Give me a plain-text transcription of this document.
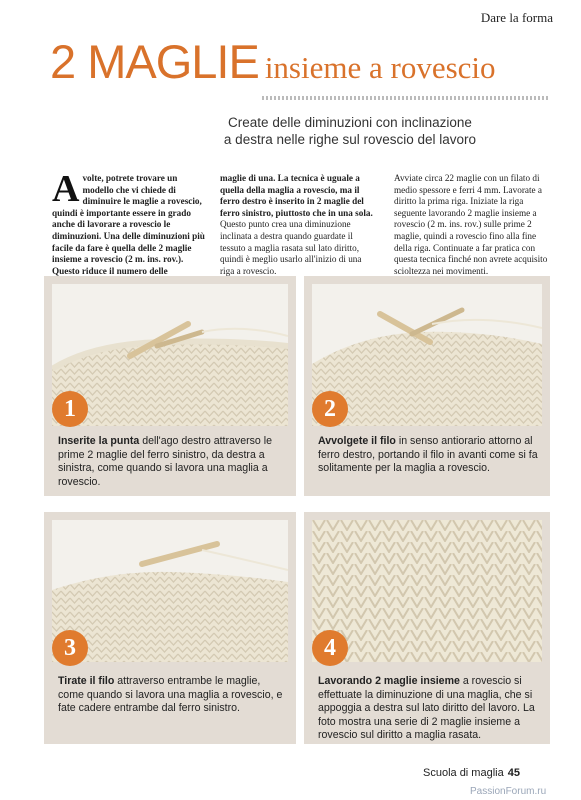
Dare la forma
2 MAGLIE insieme a rovescio
Create delle diminuzioni con inclinazione
a destra nelle righe sul rovescio del lavoro
Avolte, potrete trovare un modello che vi chiede di diminuire le maglie a rovescio, quindi è importante essere in grado anche di lavorare a rovescio le diminuzioni. Una delle diminuzioni più facile da fare è quella delle 2 maglie insieme a rovescio (2 m. ins. rov.). Questo riduce il numero delle
maglie di una. La tecnica è uguale a quella della maglia a rovescio, ma il ferro destro è inserito in 2 maglie del ferro sinistro, piuttosto che in una sola. Questo punto crea una diminuzione inclinata a destra quando guardate il tessuto a maglia rasata sul lato diritto, quindi è meglio usarlo all'inizio di una riga a rovescio.
Avviate circa 22 maglie con un filato di medio spessore e ferri 4 mm. Lavorate a diritto la prima riga. Iniziate la riga seguente lavorando 2 maglie insieme a rovescio (2 m. ins. rov.) sulle prime 2 maglie, quindi a rovescio fino alla fine della riga. Continuate a far pratica con questa tecnica finché non avrete acquisito scioltezza nei movimenti.
1
Inserite la punta dell'ago destro attraverso le prime 2 maglie del ferro sinistro, da destra a sinistra, come quando si lavora una maglia a rovescio.
2
Avvolgete il filo in senso antiorario attorno al ferro destro, portando il filo in avanti come si fa solitamente per la maglia a rovescio.
3
Tirate il filo attraverso entrambe le maglie, come quando si lavora una maglia a rovescio, e fate cadere entrambe dal ferro sinistro.
4
Lavorando 2 maglie insieme a rovescio si effettuate la diminuzione di una maglia, che si appoggia a destra sul lato diritto del lavoro. La foto mostra una serie di 2 maglie insieme a rovescio sul diritto a maglia rasata.
Scuola di maglia 45
PassionForum.ru
